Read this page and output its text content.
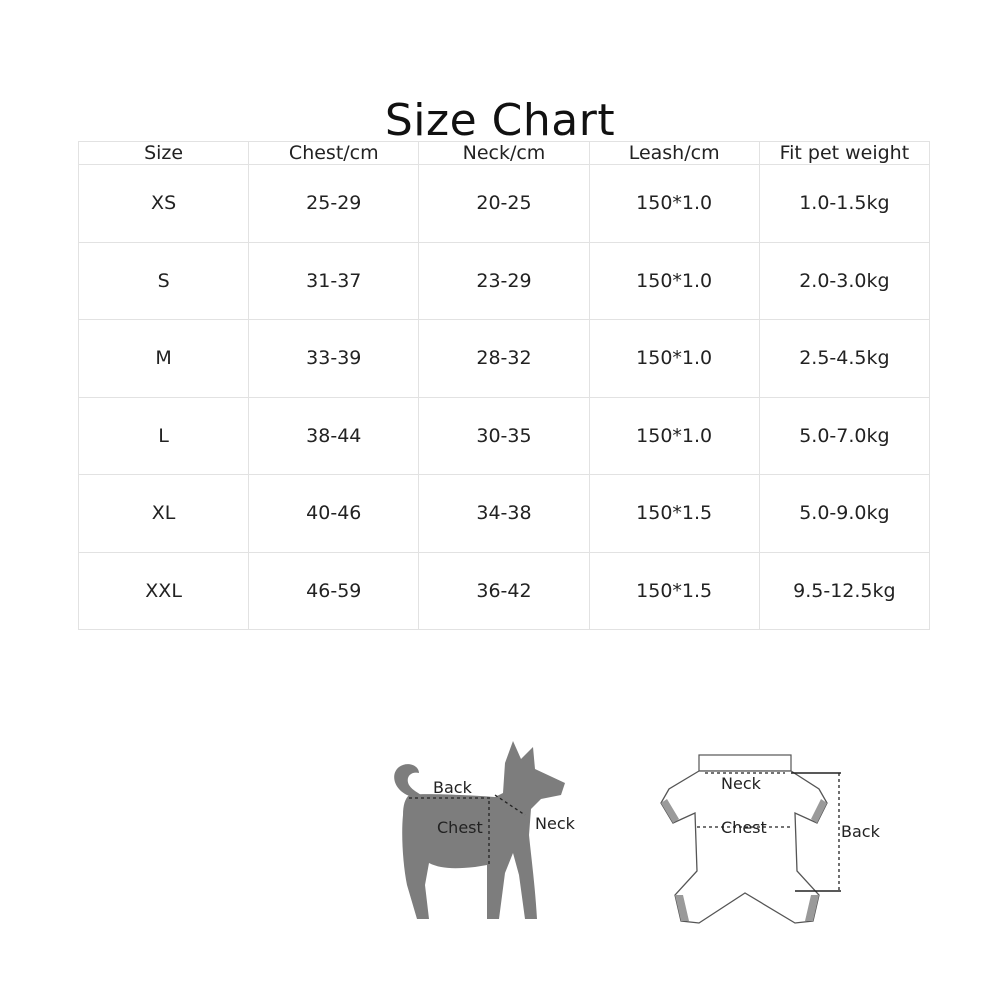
Size Chart
Size	Chest/cm	Neck/cm	Leash/cm	Fit pet weight
XS	25-29	20-25	150*1.0	1.0-1.5kg
S	31-37	23-29	150*1.0	2.0-3.0kg
M	33-39	28-32	150*1.0	2.5-4.5kg
L	38-44	30-35	150*1.0	5.0-7.0kg
XL	40-46	34-38	150*1.5	5.0-9.0kg
XXL	46-59	36-42	150*1.5	9.5-12.5kg
Back
Chest	Neck
Neck
Chest	Back
